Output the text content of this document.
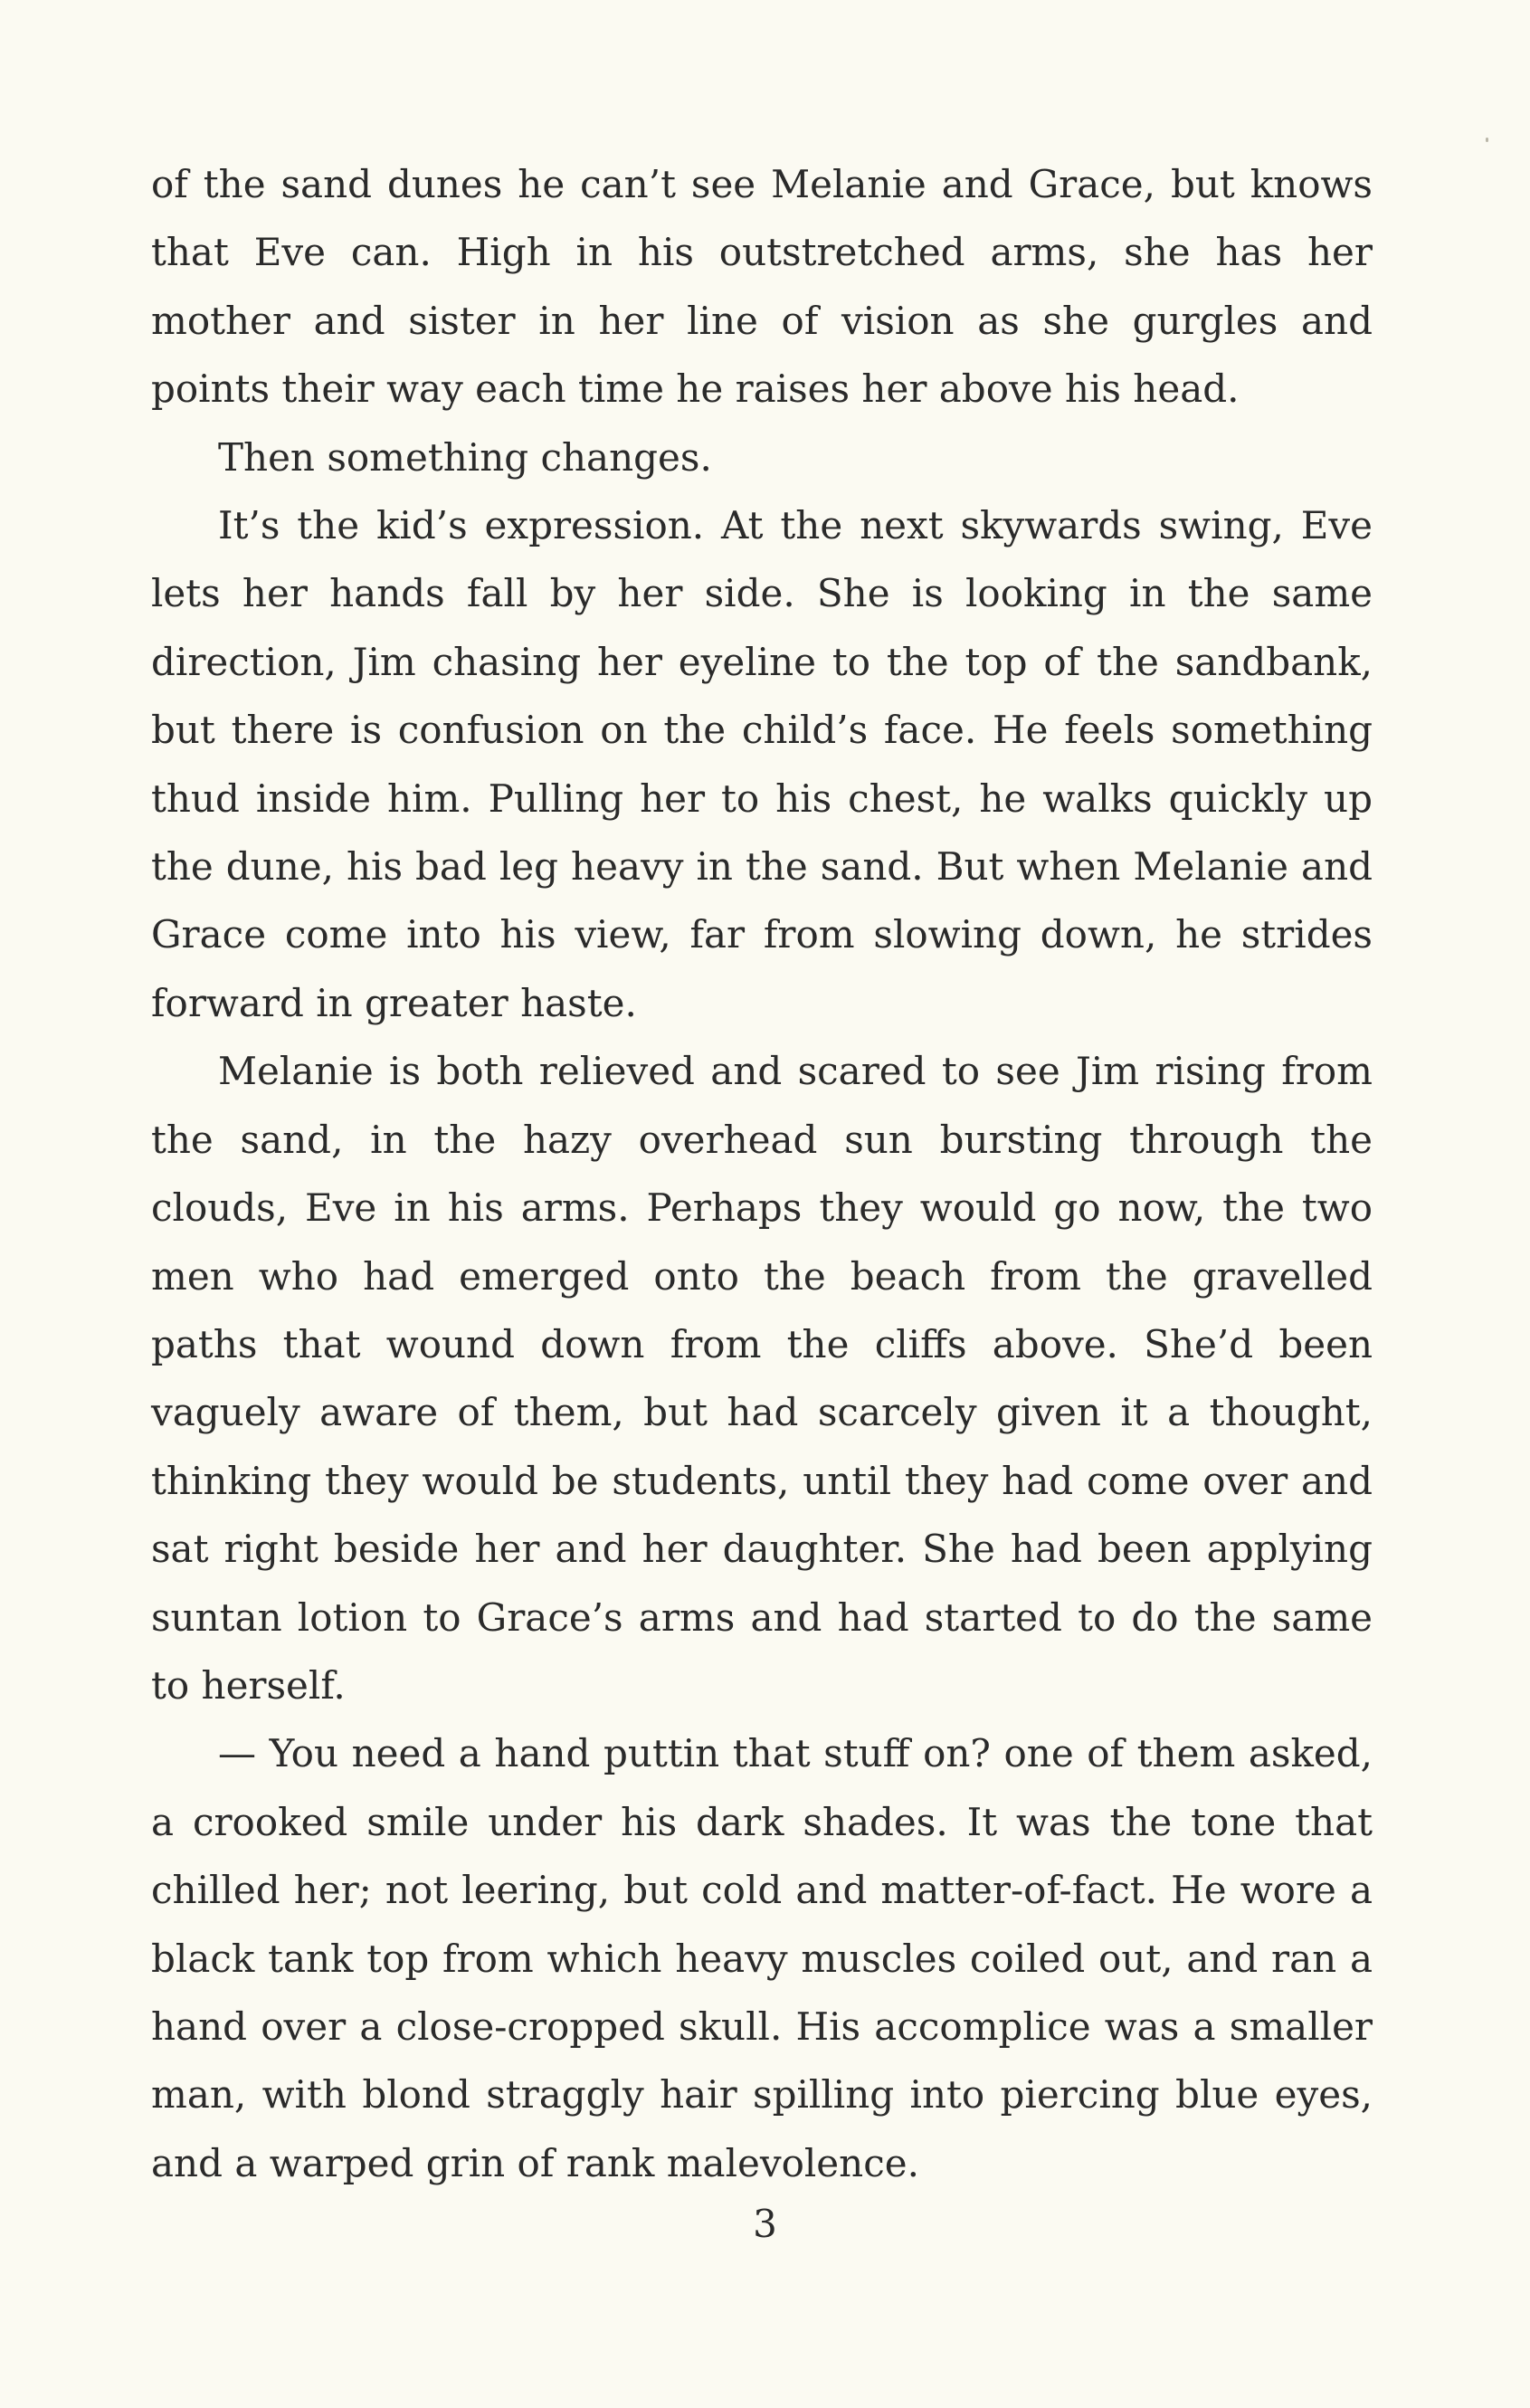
of the sand dunes he can’t see Melanie and Grace, but knows that Eve can. High in his outstretched arms, she has her mother and sister in her line of vision as she gurgles and points their way each time he raises her above his head.

Then something changes.

It’s the kid’s expression. At the next skywards swing, Eve lets her hands fall by her side. She is looking in the same direction, Jim chasing her eyeline to the top of the sandbank, but there is confusion on the child’s face. He feels something thud inside him. Pulling her to his chest, he walks quickly up the dune, his bad leg heavy in the sand. But when Melanie and Grace come into his view, far from slowing down, he strides forward in greater haste.

Melanie is both relieved and scared to see Jim rising from the sand, in the hazy overhead sun bursting through the clouds, Eve in his arms. Perhaps they would go now, the two men who had emerged onto the beach from the gravelled paths that wound down from the cliffs above. She’d been vaguely aware of them, but had scarcely given it a thought, thinking they would be students, until they had come over and sat right beside her and her daughter. She had been applying suntan lotion to Grace’s arms and had started to do the same to herself.

— You need a hand puttin that stuff on? one of them asked, a crooked smile under his dark shades. It was the tone that chilled her; not leering, but cold and matter-of-fact. He wore a black tank top from which heavy muscles coiled out, and ran a hand over a close-cropped skull. His accomplice was a smaller man, with blond straggly hair spilling into piercing blue eyes, and a warped grin of rank malevolence.

3
